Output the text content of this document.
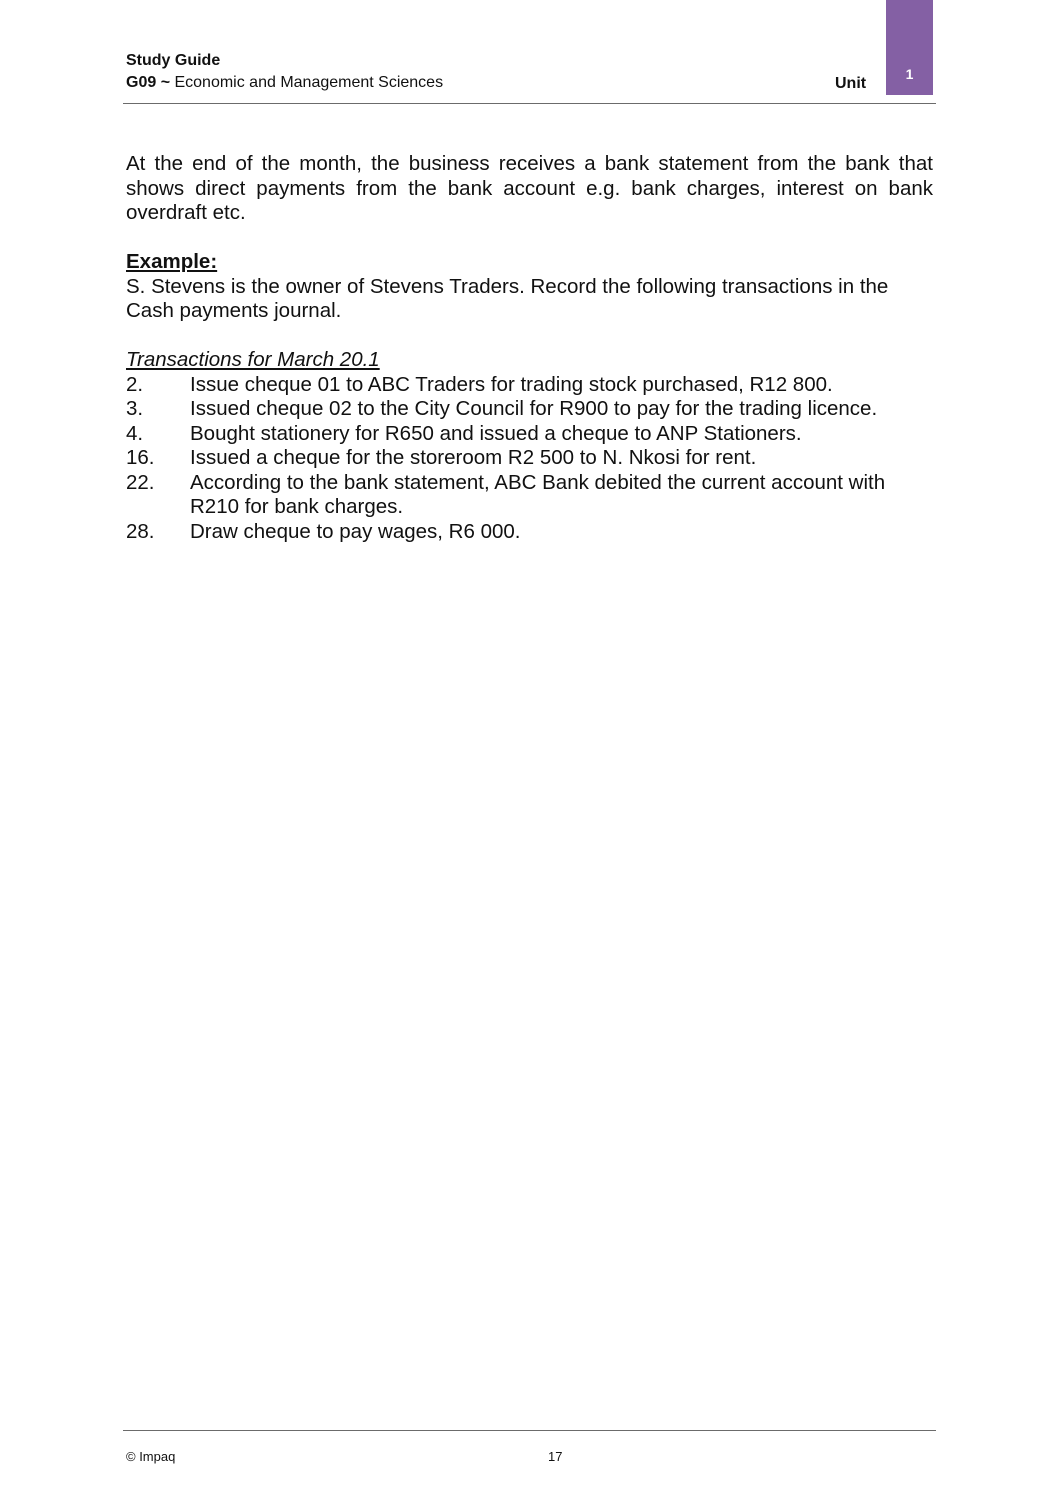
Study Guide
G09 ~ Economic and Management Sciences	Unit
1

At the end of the month, the business receives a bank statement from the bank that shows direct payments from the bank account e.g. bank charges, interest on bank overdraft etc.

Example:

S. Stevens is the owner of Stevens Traders. Record the following transactions in the Cash payments journal.

Transactions for March 20.1

2.	Issue cheque 01 to ABC Traders for trading stock purchased, R12 800.
3.	Issued cheque 02 to the City Council for R900 to pay for the trading licence.
4.	Bought stationery for R650 and issued a cheque to ANP Stationers.
16.	Issued a cheque for the storeroom R2 500 to N. Nkosi for rent.
22.	According to the bank statement, ABC Bank debited the current account with R210 for bank charges.
28.	Draw cheque to pay wages, R6 000.
© Impaq	17
